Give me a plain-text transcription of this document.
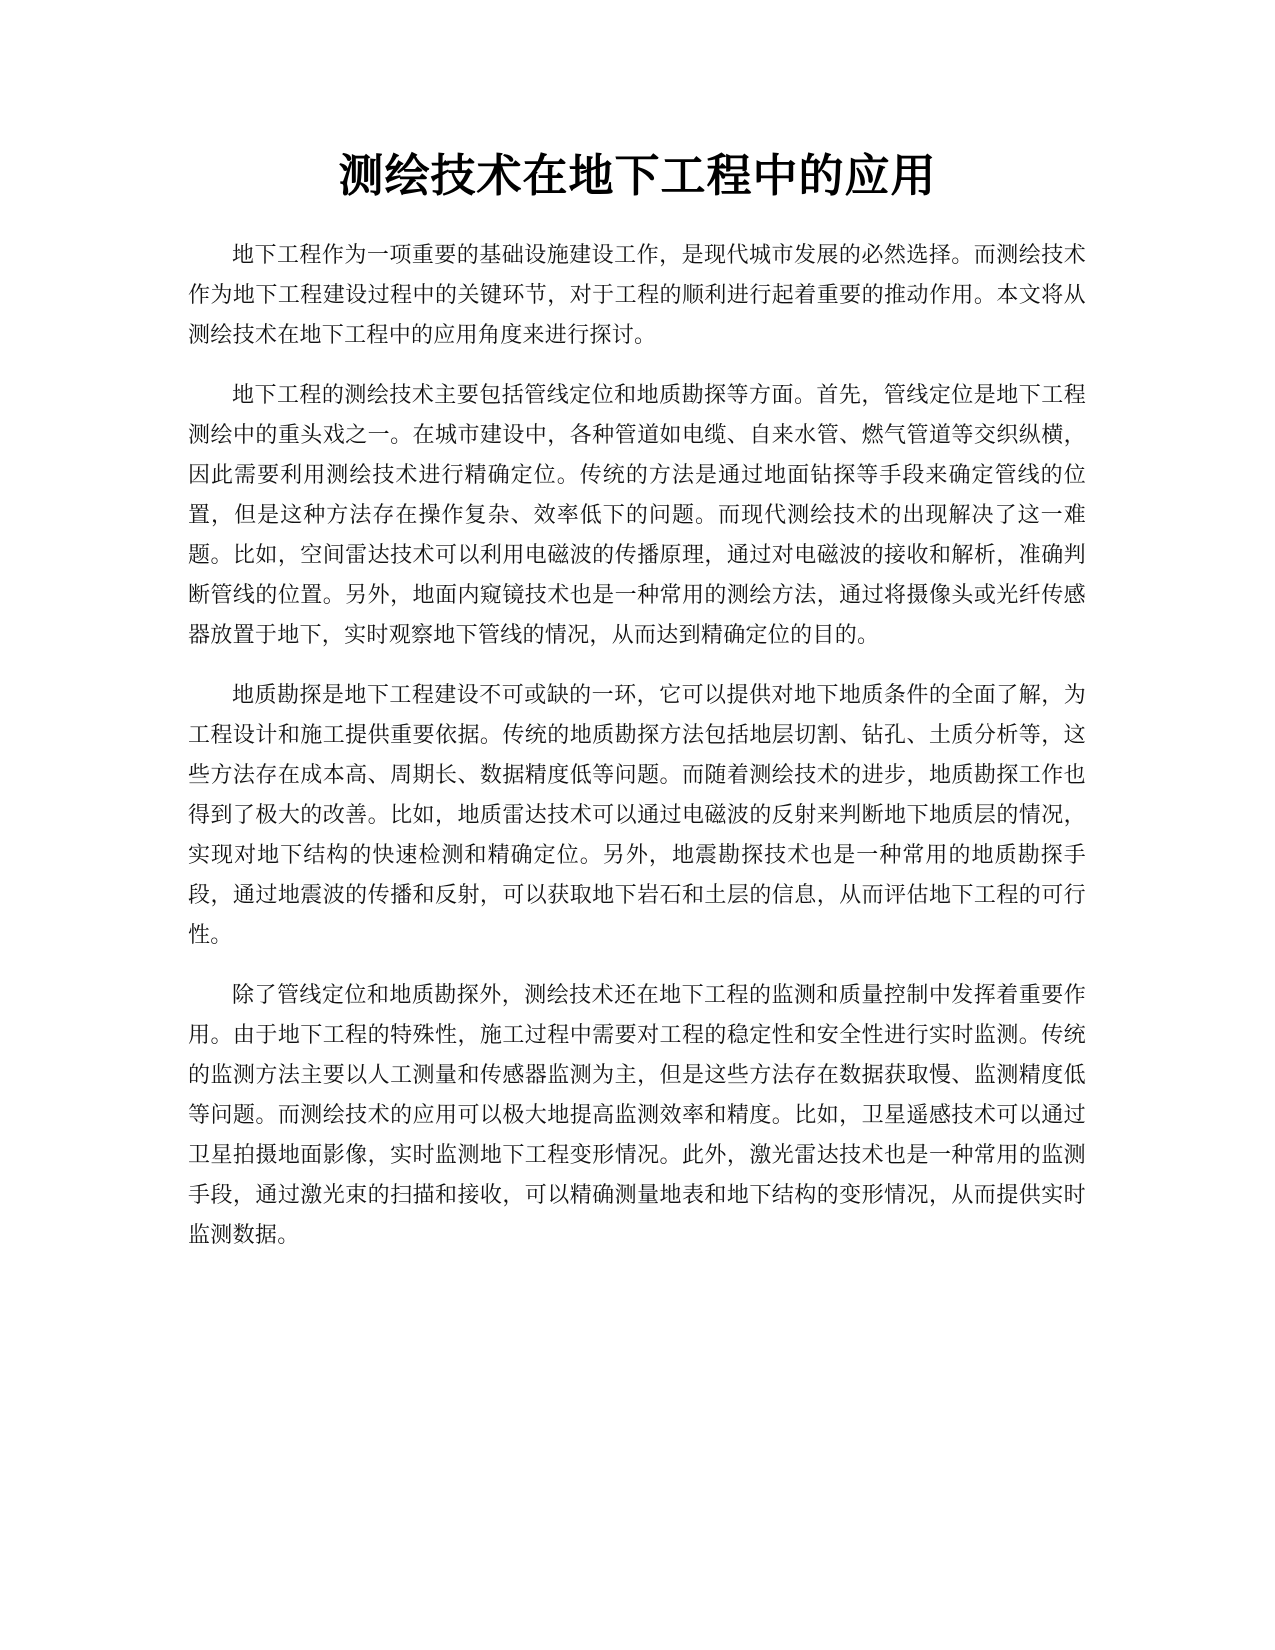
测绘技术在地下工程中的应用

地下工程作为一项重要的基础设施建设工作，是现代城市发展的必然选择。而测绘技术作为地下工程建设过程中的关键环节，对于工程的顺利进行起着重要的推动作用。本文将从测绘技术在地下工程中的应用角度来进行探讨。

地下工程的测绘技术主要包括管线定位和地质勘探等方面。首先，管线定位是地下工程测绘中的重头戏之一。在城市建设中，各种管道如电缆、自来水管、燃气管道等交织纵横，因此需要利用测绘技术进行精确定位。传统的方法是通过地面钻探等手段来确定管线的位置，但是这种方法存在操作复杂、效率低下的问题。而现代测绘技术的出现解决了这一难题。比如，空间雷达技术可以利用电磁波的传播原理，通过对电磁波的接收和解析，准确判断管线的位置。另外，地面内窥镜技术也是一种常用的测绘方法，通过将摄像头或光纤传感器放置于地下，实时观察地下管线的情况，从而达到精确定位的目的。

地质勘探是地下工程建设不可或缺的一环，它可以提供对地下地质条件的全面了解，为工程设计和施工提供重要依据。传统的地质勘探方法包括地层切割、钻孔、土质分析等，这些方法存在成本高、周期长、数据精度低等问题。而随着测绘技术的进步，地质勘探工作也得到了极大的改善。比如，地质雷达技术可以通过电磁波的反射来判断地下地质层的情况，实现对地下结构的快速检测和精确定位。另外，地震勘探技术也是一种常用的地质勘探手段，通过地震波的传播和反射，可以获取地下岩石和土层的信息，从而评估地下工程的可行性。

除了管线定位和地质勘探外，测绘技术还在地下工程的监测和质量控制中发挥着重要作用。由于地下工程的特殊性，施工过程中需要对工程的稳定性和安全性进行实时监测。传统的监测方法主要以人工测量和传感器监测为主，但是这些方法存在数据获取慢、监测精度低等问题。而测绘技术的应用可以极大地提高监测效率和精度。比如，卫星遥感技术可以通过卫星拍摄地面影像，实时监测地下工程变形情况。此外，激光雷达技术也是一种常用的监测手段，通过激光束的扫描和接收，可以精确测量地表和地下结构的变形情况，从而提供实时监测数据。
